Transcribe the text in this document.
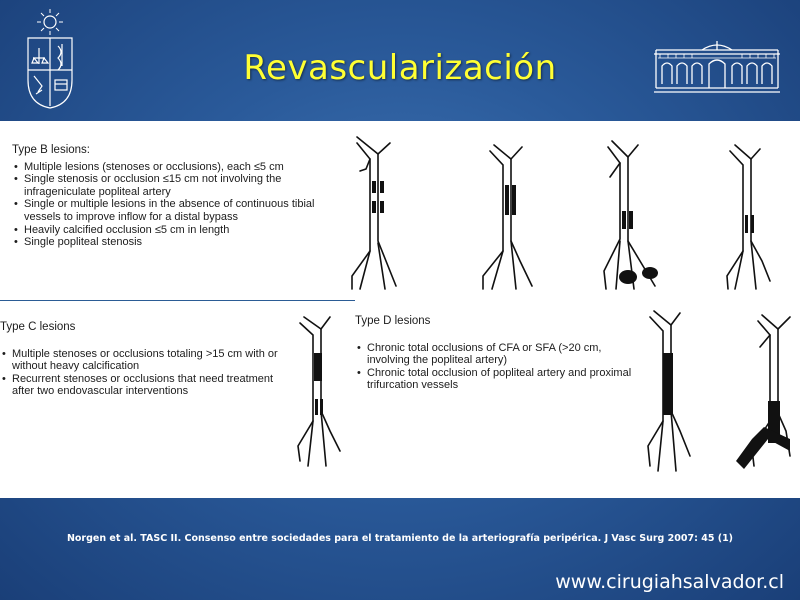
Revascularización
Type B lesions:
• Multiple lesions (stenoses or occlusions), each ≤5 cm
• Single stenosis or occlusion ≤15 cm not involving the infrageniculate popliteal artery
• Single or multiple lesions in the absence of continuous tibial vessels to improve inflow for a distal bypass
• Heavily calcified occlusion ≤5 cm in length
• Single popliteal stenosis
Type C lesions
• Multiple stenoses or occlusions totaling >15 cm with or without heavy calcification
• Recurrent stenoses or occlusions that need treatment after two endovascular interventions
Type D lesions
• Chronic total occlusions of CFA or SFA (>20 cm, involving the popliteal artery)
• Chronic total occlusion of popliteal artery and proximal trifurcation vessels
Norgen et al. TASC II. Consenso entre sociedades para el tratamiento de la arteriografía peripérica. J Vasc Surg 2007: 45 (1)
www.cirugiahsalvador.cl
